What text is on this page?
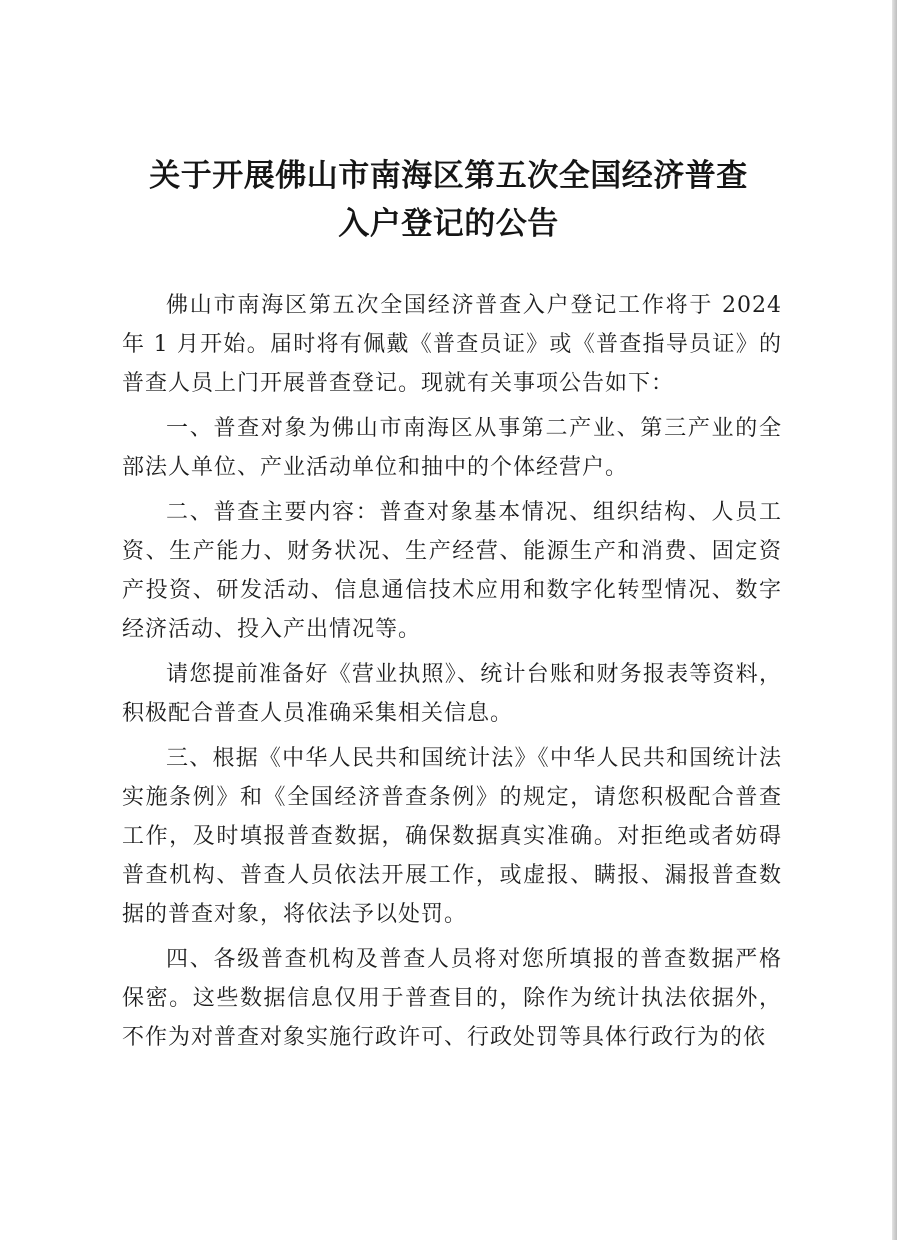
关于开展佛山市南海区第五次全国经济普查
入户登记的公告

佛山市南海区第五次全国经济普查入户登记工作将于 2024 年 1 月开始。届时将有佩戴《普查员证》或《普查指导员证》的普查人员上门开展普查登记。现就有关事项公告如下：

一、普查对象为佛山市南海区从事第二产业、第三产业的全部法人单位、产业活动单位和抽中的个体经营户。

二、普查主要内容：普查对象基本情况、组织结构、人员工资、生产能力、财务状况、生产经营、能源生产和消费、固定资产投资、研发活动、信息通信技术应用和数字化转型情况、数字经济活动、投入产出情况等。

请您提前准备好《营业执照》、统计台账和财务报表等资料，积极配合普查人员准确采集相关信息。

三、根据《中华人民共和国统计法》《中华人民共和国统计法实施条例》和《全国经济普查条例》的规定，请您积极配合普查工作，及时填报普查数据，确保数据真实准确。对拒绝或者妨碍普查机构、普查人员依法开展工作，或虚报、瞒报、漏报普查数据的普查对象，将依法予以处罚。

四、各级普查机构及普查人员将对您所填报的普查数据严格保密。这些数据信息仅用于普查目的，除作为统计执法依据外，不作为对普查对象实施行政许可、行政处罚等具体行政行为的依
